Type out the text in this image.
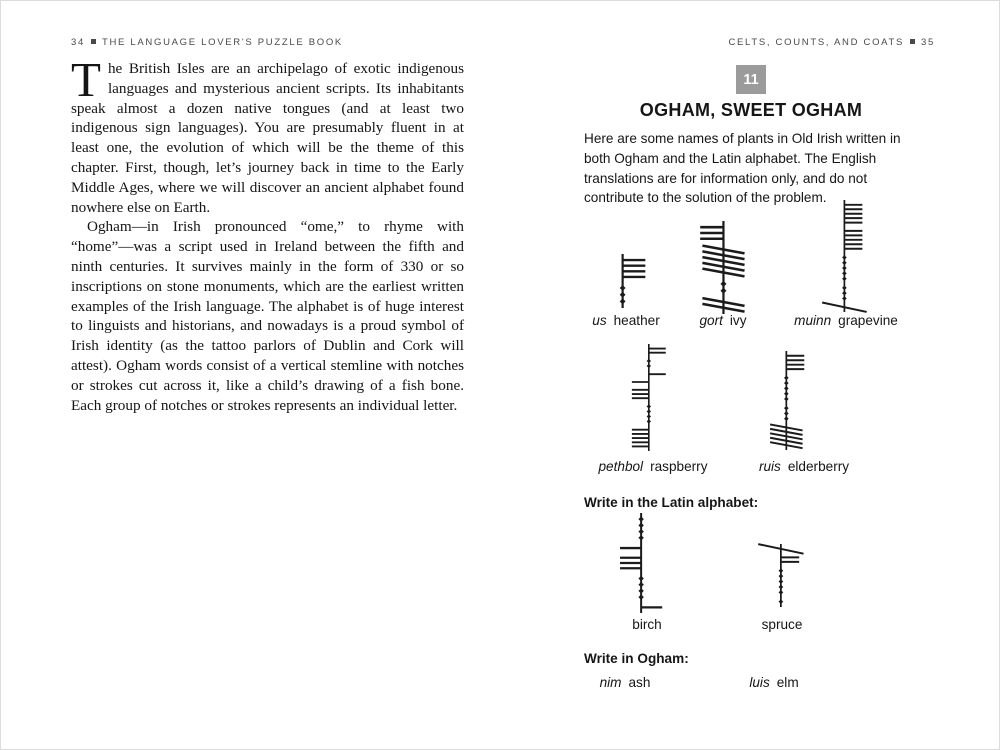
34 THE LANGUAGE LOVER'S PUZZLE BOOK	CELTS, COUNTS, AND COATS 35

The British Isles are an archipelago of exotic indigenous languages and mysterious ancient scripts. Its inhabitants speak almost a dozen native tongues (and at least two indigenous sign languages). You are presumably fluent in at least one, the evolution of which will be the theme of this chapter. First, though, let’s journey back in time to the Early Middle Ages, where we will discover an ancient alphabet found nowhere else on Earth.

Ogham—in Irish pronounced “ome,” to rhyme with “home”—was a script used in Ireland between the fifth and ninth centuries. It survives mainly in the form of 330 or so inscriptions on stone monuments, which are the earliest written examples of the Irish language. The alphabet is of huge interest to linguists and historians, and nowadays is a proud symbol of Irish identity (as the tattoo parlors of Dublin and Cork will attest). Ogham words consist of a vertical stemline with notches or strokes cut across it, like a child’s drawing of a fish bone. Each group of notches or strokes represents an individual letter.

11
OGHAM, SWEET OGHAM
Here are some names of plants in Old Irish written in both Ogham and the Latin alphabet. The English translations are for information only, and do not contribute to the solution of the problem.
us heather	gort ivy	muinn grapevine
pethbol raspberry	ruis elderberry
Write in the Latin alphabet:
birch	spruce
Write in Ogham:
nim ash	luis elm
